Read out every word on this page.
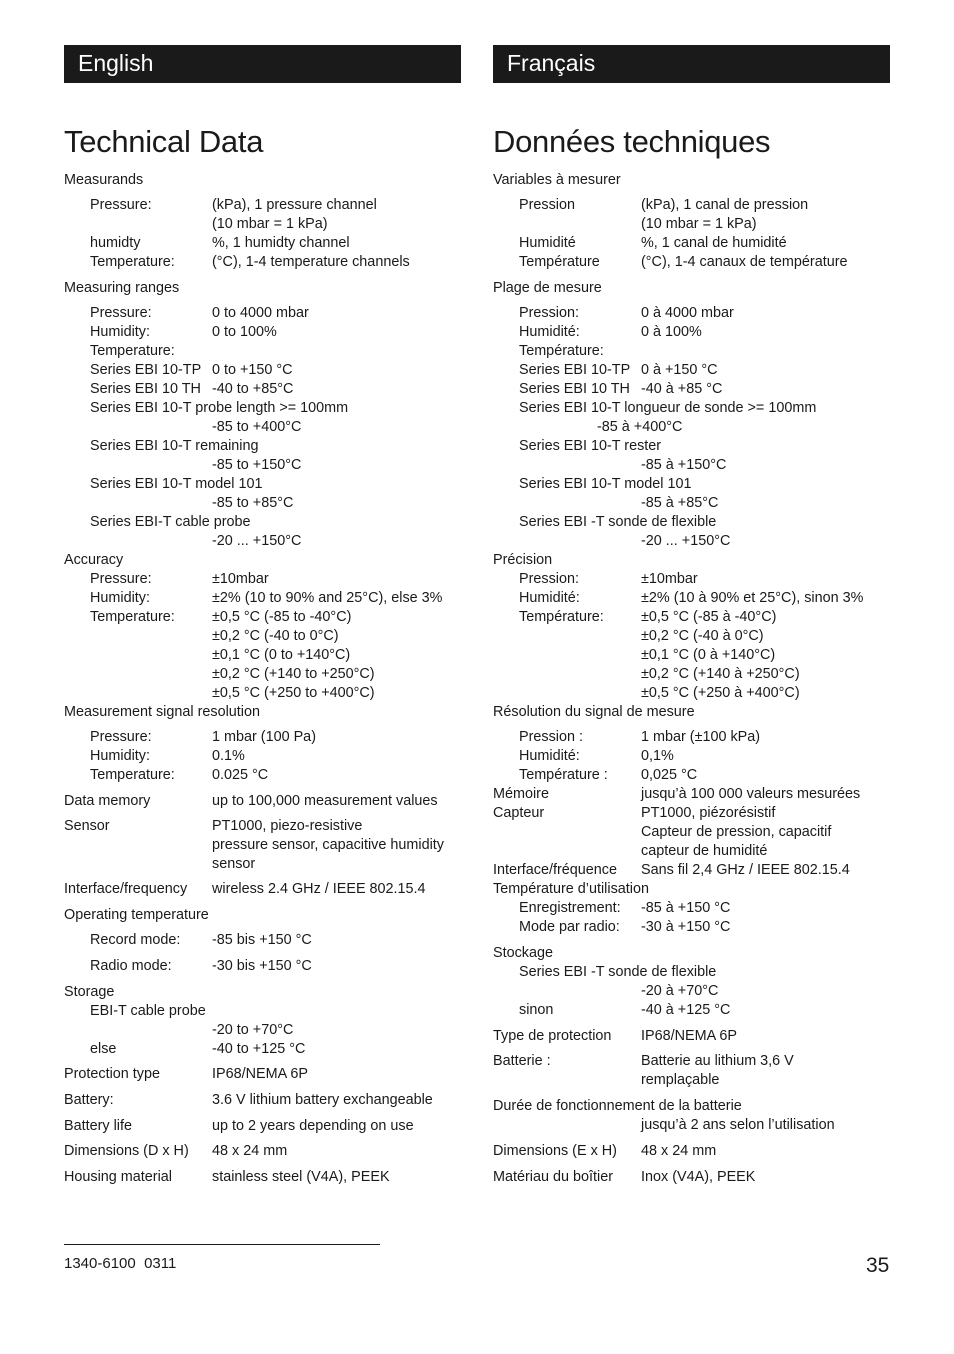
English
Technical Data
Measurands
Pressure:	(kPa), 1 pressure channel
(10 mbar = 1 kPa)
humidty	%, 1 humidty channel
Temperature:	(°C), 1-4 temperature channels
Measuring ranges
Pressure:	0 to 4000 mbar
Humidity:	0 to 100%
Temperature:
Series EBI 10-TP 0 to +150 °C
Series EBI 10 TH -40 to +85°C
Series EBI 10-T probe length >= 100mm
-85 to +400°C
Series EBI 10-T remaining
-85 to +150°C
Series EBI 10-T model 101
-85 to +85°C
Series EBI-T cable probe
-20 ... +150°C
Accuracy
Pressure:	±10mbar
Humidity:	±2% (10 to 90% and 25°C), else 3%
Temperature:	±0,5 °C (-85 to -40°C)
±0,2 °C (-40 to 0°C)
±0,1 °C (0 to +140°C)
±0,2 °C (+140 to +250°C)
±0,5 °C (+250 to +400°C)
Measurement signal resolution
Pressure:	1 mbar (100 Pa)
Humidity:	0.1%
Temperature:	0.025 °C
Data memory	up to 100,000 measurement values
Sensor	PT1000, piezo-resistive
pressure sensor, capacitive humidity
sensor
Interface/frequency wireless 2.4 GHz / IEEE 802.15.4
Operating temperature
Record mode: -85 bis +150 °C
Radio mode:	-30 bis +150 °C
Storage
EBI-T cable probe
-20 to +70°C
else	-40 to +125 °C
Protection type	IP68/NEMA 6P
Battery:	3.6 V lithium battery exchangeable
Battery life	up to 2 years depending on use
Dimensions (D x H) 48 x 24 mm
Housing material	stainless steel (V4A), PEEK
Français
Données techniques
Variables à mesurer
Pression	(kPa), 1 canal de pression
(10 mbar = 1 kPa)
Humidité	%, 1 canal de humidité
Température	(°C), 1-4 canaux de température
Plage de mesure
Pression:	0 à 4000 mbar
Humidité:	0 à 100%
Température:
Series EBI 10-TP 0 à +150 °C
Series EBI 10 TH -40 à +85 °C
Series EBI 10-T longueur de sonde >= 100mm
-85 à +400°C
Series EBI 10-T rester
-85 à +150°C
Series EBI 10-T model 101
-85 à +85°C
Series EBI -T sonde de flexible
-20 ... +150°C
Précision
Pression:	±10mbar
Humidité:	±2% (10 à 90% et 25°C), sinon 3%
Température:	±0,5 °C (-85 à -40°C)
±0,2 °C (-40 à 0°C)
±0,1 °C (0 à +140°C)
±0,2 °C (+140 à +250°C)
±0,5 °C (+250 à +400°C)
Résolution du signal de mesure
Pression :	1 mbar (±100 kPa)
Humidité:	0,1%
Température : 0,025 °C
Mémoire	jusqu’à 100 000 valeurs mesurées
Capteur	PT1000, piézorésistif
Capteur de pression, capacitif
capteur de humidité
Interface/fréquence Sans fil 2,4 GHz / IEEE 802.15.4
Température d’utilisation
Enregistrement: -85 à +150 °C
Mode par radio: -30 à +150 °C
Stockage
Series EBI -T sonde de flexible
-20 à +70°C
sinon	-40 à +125 °C
Type de protection IP68/NEMA 6P
Batterie :	Batterie au lithium 3,6 V
remplaçable
Durée de fonctionnement de la batterie
jusqu’à 2 ans selon l’utilisation
Dimensions (E x H) 48 x 24 mm
Matériau du boîtier Inox (V4A), PEEK
1340-6100  0311	35
